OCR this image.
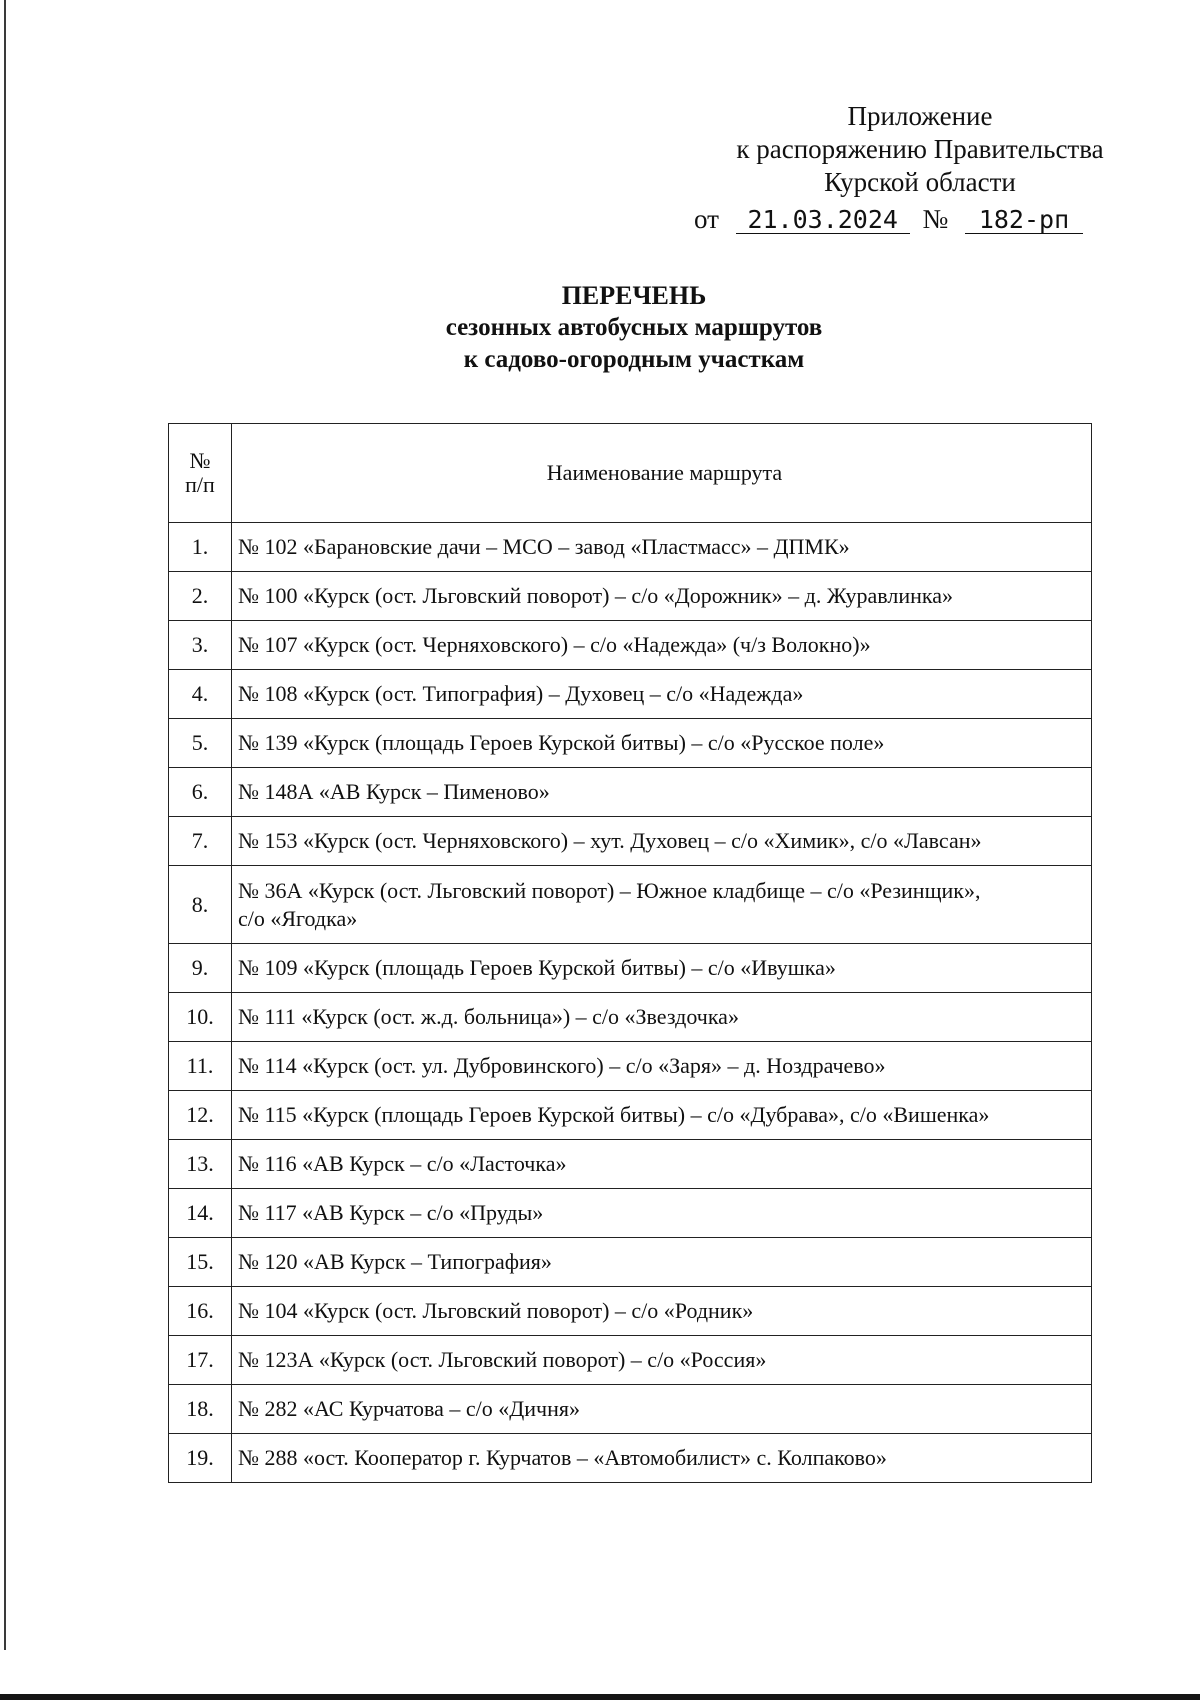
Приложение
к распоряжению Правительства
Курской области
от 21.03.2024 № 182-рп
ПЕРЕЧЕНЬ
сезонных автобусных маршрутов
к садово-огородным участкам
№
п/п	Наименование маршрута
1.	№ 102 «Барановские дачи – МСО – завод «Пластмасс» – ДПМК»
2.	№ 100 «Курск (ост. Льговский поворот) – с/о «Дорожник» – д. Журавлинка»
3.	№ 107 «Курск (ост. Черняховского) – с/о «Надежда» (ч/з Волокно)»
4.	№ 108 «Курск (ост. Типография) – Духовец – с/о «Надежда»
5.	№ 139 «Курск (площадь Героев Курской битвы) – с/о «Русское поле»
6.	№ 148А «АВ Курск – Пименово»
7.	№ 153 «Курск (ост. Черняховского) – хут. Духовец – с/о «Химик», с/о «Лавсан»
8.	№ 36А «Курск (ост. Льговский поворот) – Южное кладбище – с/о «Резинщик»,
с/о «Ягодка»

9.	№ 109 «Курск (площадь Героев Курской битвы) – с/о «Ивушка»
10.	№ 111 «Курск (ост. ж.д. больница») – с/о «Звездочка»
11.	№ 114 «Курск (ост. ул. Дубровинского) – с/о «Заря» – д. Ноздрачево»
12.	№ 115 «Курск (площадь Героев Курской битвы) – с/о «Дубрава», с/о «Вишенка»
13.	№ 116 «АВ Курск – с/о «Ласточка»
14.	№ 117 «АВ Курск – с/о «Пруды»
15.	№ 120 «АВ Курск – Типография»
16.	№ 104 «Курск (ост. Льговский поворот) – с/о «Родник»
17.	№ 123А «Курск (ост. Льговский поворот) – с/о «Россия»
18.	№ 282 «АС Курчатова – с/о «Дичня»
19.	№ 288 «ост. Кооператор г. Курчатов – «Автомобилист» с. Колпаково»
